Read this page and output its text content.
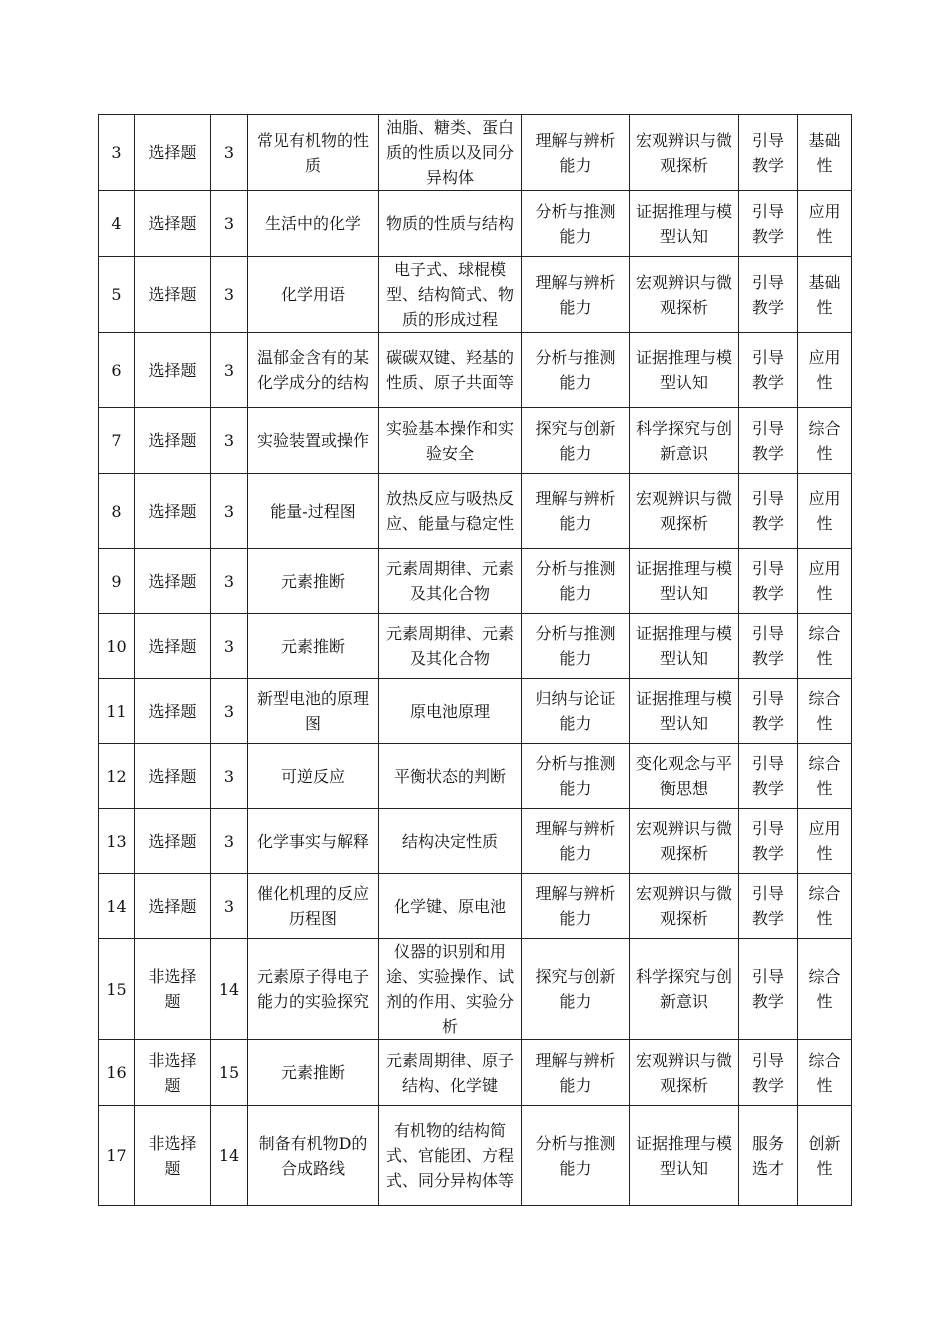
3	选择题	3	常见有机物的性质	油脂、糖类、蛋白质的性质以及同分异构体	理解与辨析能力	宏观辨识与微观探析	引导教学	基础性
4	选择题	3	生活中的化学	物质的性质与结构	分析与推测能力	证据推理与模型认知	引导教学	应用性
5	选择题	3	化学用语	电子式、球棍模型、结构简式、物质的形成过程	理解与辨析能力	宏观辨识与微观探析	引导教学	基础性
6	选择题	3	温郁金含有的某化学成分的结构	碳碳双键、羟基的性质、原子共面等	分析与推测能力	证据推理与模型认知	引导教学	应用性
7	选择题	3	实验装置或操作	实验基本操作和实验安全	探究与创新能力	科学探究与创新意识	引导教学	综合性
8	选择题	3	能量-过程图	放热反应与吸热反应、能量与稳定性	理解与辨析能力	宏观辨识与微观探析	引导教学	应用性
9	选择题	3	元素推断	元素周期律、元素及其化合物	分析与推测能力	证据推理与模型认知	引导教学	应用性
10	选择题	3	元素推断	元素周期律、元素及其化合物	分析与推测能力	证据推理与模型认知	引导教学	综合性
11	选择题	3	新型电池的原理图	原电池原理	归纳与论证能力	证据推理与模型认知	引导教学	综合性
12	选择题	3	可逆反应	平衡状态的判断	分析与推测能力	变化观念与平衡思想	引导教学	综合性
13	选择题	3	化学事实与解释	结构决定性质	理解与辨析能力	宏观辨识与微观探析	引导教学	应用性
14	选择题	3	催化机理的反应历程图	化学键、原电池	理解与辨析能力	宏观辨识与微观探析	引导教学	综合性
15	非选择题	14	元素原子得电子能力的实验探究	仪器的识别和用途、实验操作、试剂的作用、实验分析	探究与创新能力	科学探究与创新意识	引导教学	综合性
16	非选择题	15	元素推断	元素周期律、原子结构、化学键	理解与辨析能力	宏观辨识与微观探析	引导教学	综合性
17	非选择题	14	制备有机物D的合成路线	有机物的结构简式、官能团、方程式、同分异构体等	分析与推测能力	证据推理与模型认知	服务选才	创新性
